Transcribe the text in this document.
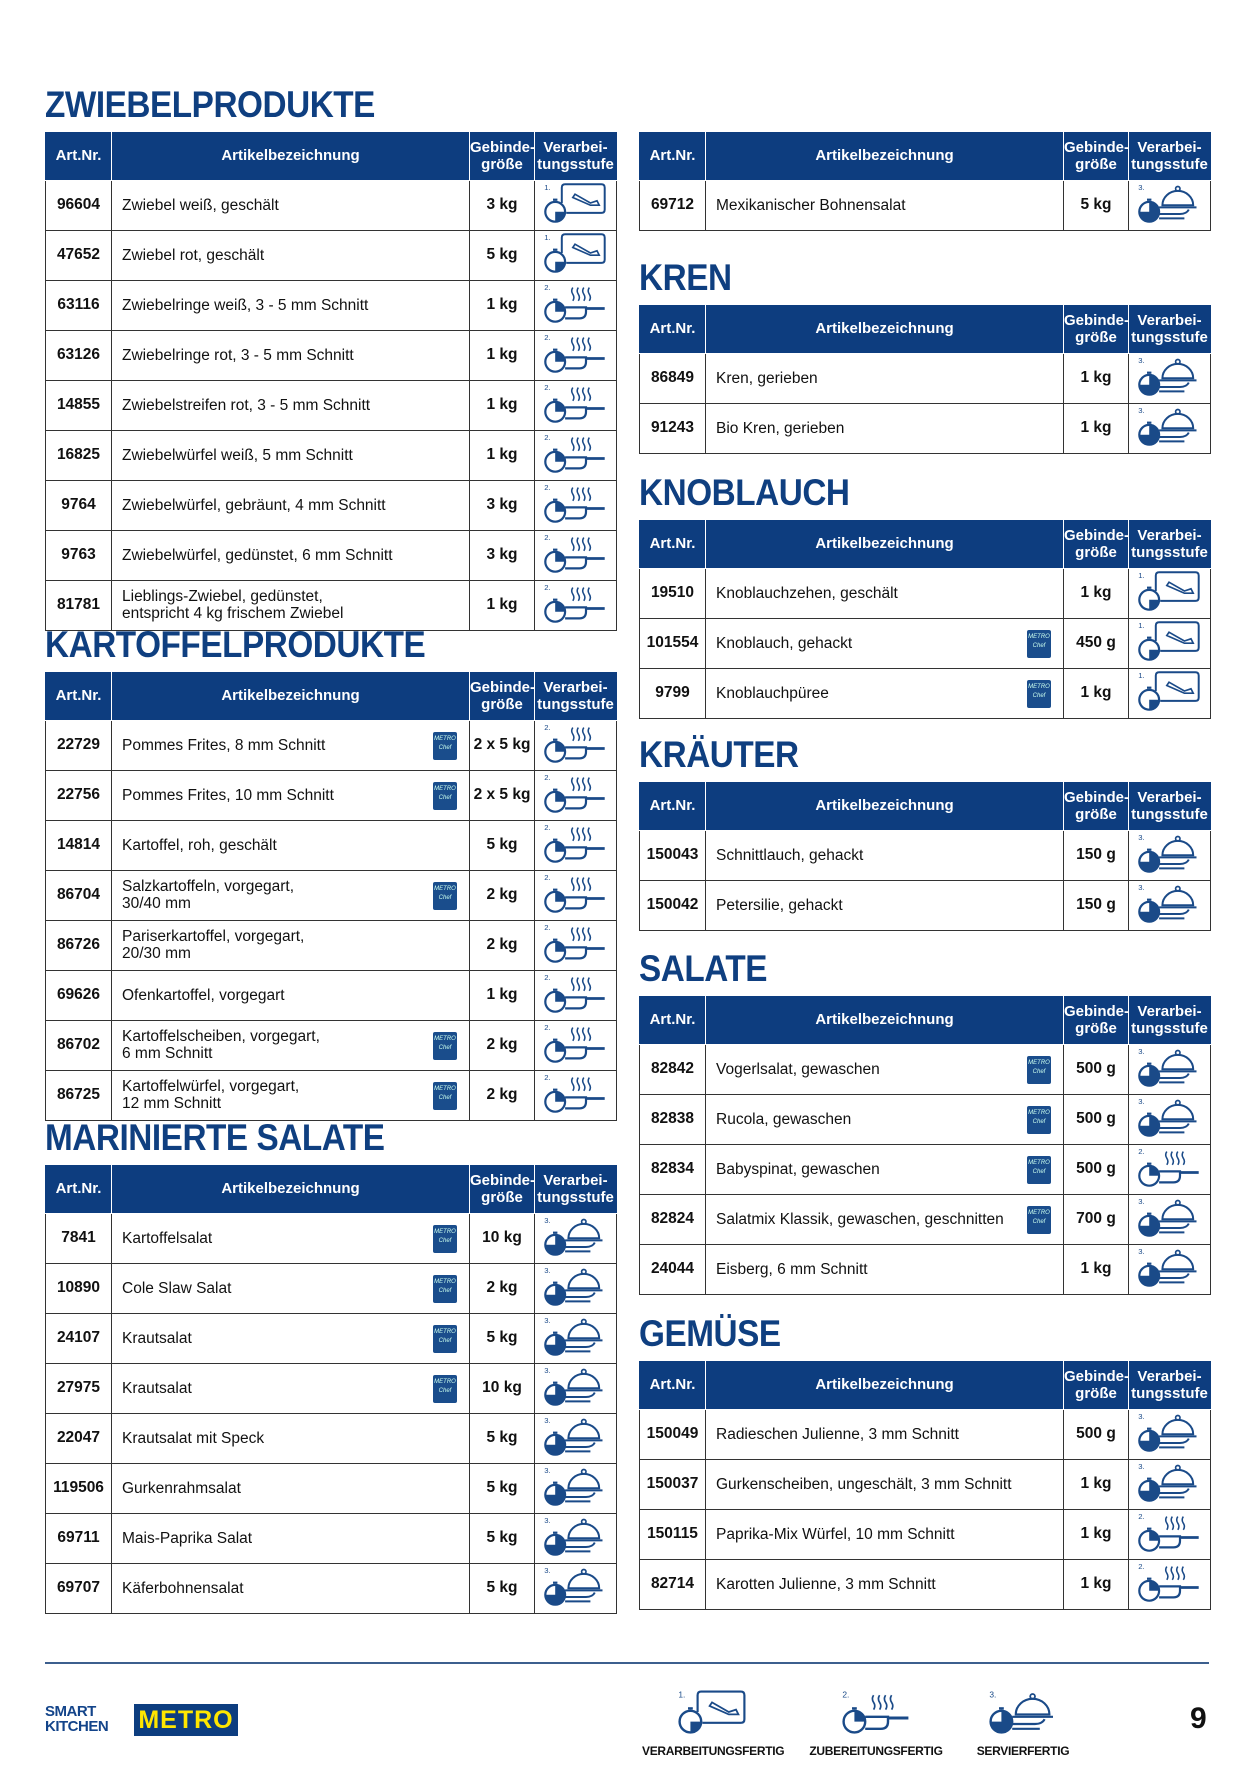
ZWIEBELPRODUKTE
Art.Nr.	Artikelbezeichnung	Gebinde-
größe	Verarbei-
tungsstufe
96604	Zwiebel weiß, geschält	3 kg	1.

47652	Zwiebel rot, geschält	5 kg	1.

63116	Zwiebelringe weiß, 3 - 5 mm Schnitt	1 kg	2.

63126	Zwiebelringe rot, 3 - 5 mm Schnitt	1 kg	2.

14855	Zwiebelstreifen rot, 3 - 5 mm Schnitt	1 kg	2.

16825	Zwiebelwürfel weiß, 5 mm Schnitt	1 kg	2.

9764	Zwiebelwürfel, gebräunt, 4 mm Schnitt	3 kg	2.

9763	Zwiebelwürfel, gedünstet, 6 mm Schnitt	3 kg	2.

81781	Lieblings-Zwiebel, gedünstet,
entspricht 4 kg frischem Zwiebel	1 kg	2.
KARTOFFELPRODUKTE
Art.Nr.	Artikelbezeichnung	Gebinde-
größe	Verarbei-
tungsstufe
22729	Pommes Frites, 8 mm Schnitt METRO
Chef	2 x 5 kg	2.

22756	Pommes Frites, 10 mm Schnitt METRO
Chef	2 x 5 kg	2.

14814	Kartoffel, roh, geschält	5 kg	2.

86704	Salzkartoffeln, vorgegart,
30/40 mm
METRO
Chef	2 kg	2.

86726	Pariserkartoffel, vorgegart,
20/30 mm	2 kg	2.

69626	Ofenkartoffel, vorgegart	1 kg	2.

86702	Kartoffelscheiben, vorgegart,
6 mm Schnitt
METRO
Chef	2 kg	2.

86725	Kartoffelwürfel, vorgegart,
12 mm Schnitt
METRO
Chef	2 kg	2.
MARINIERTE SALATE
Art.Nr.	Artikelbezeichnung	Gebinde-
größe	Verarbei-
tungsstufe
7841	Kartoffelsalat METRO
Chef	10 kg	3.

10890	Cole Slaw Salat METRO
Chef	2 kg	3.

24107	Krautsalat METRO
Chef	5 kg	3.

27975	Krautsalat METRO
Chef	10 kg	3.

22047	Krautsalat mit Speck	5 kg	3.

119506	Gurkenrahmsalat	5 kg	3.

69711	Mais-Paprika Salat	5 kg	3.

69707	Käferbohnensalat	5 kg	3.
Art.Nr.	Artikelbezeichnung	Gebinde-
größe	Verarbei-
tungsstufe
69712	Mexikanischer Bohnensalat	5 kg	3.
KREN
Art.Nr.	Artikelbezeichnung	Gebinde-
größe	Verarbei-
tungsstufe
86849	Kren, gerieben	1 kg	3.

91243	Bio Kren, gerieben	1 kg	3.
KNOBLAUCH
Art.Nr.	Artikelbezeichnung	Gebinde-
größe	Verarbei-
tungsstufe
19510	Knoblauchzehen, geschält	1 kg	1.

101554	Knoblauch, gehackt METRO
Chef	450 g	1.

9799	Knoblauchpüree METRO
Chef	1 kg	1.
KRÄUTER
Art.Nr.	Artikelbezeichnung	Gebinde-
größe	Verarbei-
tungsstufe
150043	Schnittlauch, gehackt	150 g	3.

150042	Petersilie, gehackt	150 g	3.
SALATE
Art.Nr.	Artikelbezeichnung	Gebinde-
größe	Verarbei-
tungsstufe
82842	Vogerlsalat, gewaschen METRO
Chef	500 g	3.

82838	Rucola, gewaschen METRO
Chef	500 g	3.

82834	Babyspinat, gewaschen METRO
Chef	500 g	2.

82824	Salatmix Klassik, gewaschen, geschnitten METRO
Chef	700 g	3.

24044	Eisberg, 6 mm Schnitt	1 kg	3.
GEMÜSE
Art.Nr.	Artikelbezeichnung	Gebinde-
größe	Verarbei-
tungsstufe
150049	Radieschen Julienne, 3 mm Schnitt	500 g	3.

150037	Gurkenscheiben, ungeschält, 3 mm Schnitt	1 kg	3.

150115	Paprika-Mix Würfel, 10 mm Schnitt	1 kg	2.

82714	Karotten Julienne, 3 mm Schnitt	1 kg	2.
SMART
KITCHEN METRO
1.
VERARBEITUNGSFERTIG
2.
ZUBEREITUNGSFERTIG
3.
SERVIERFERTIG
9
